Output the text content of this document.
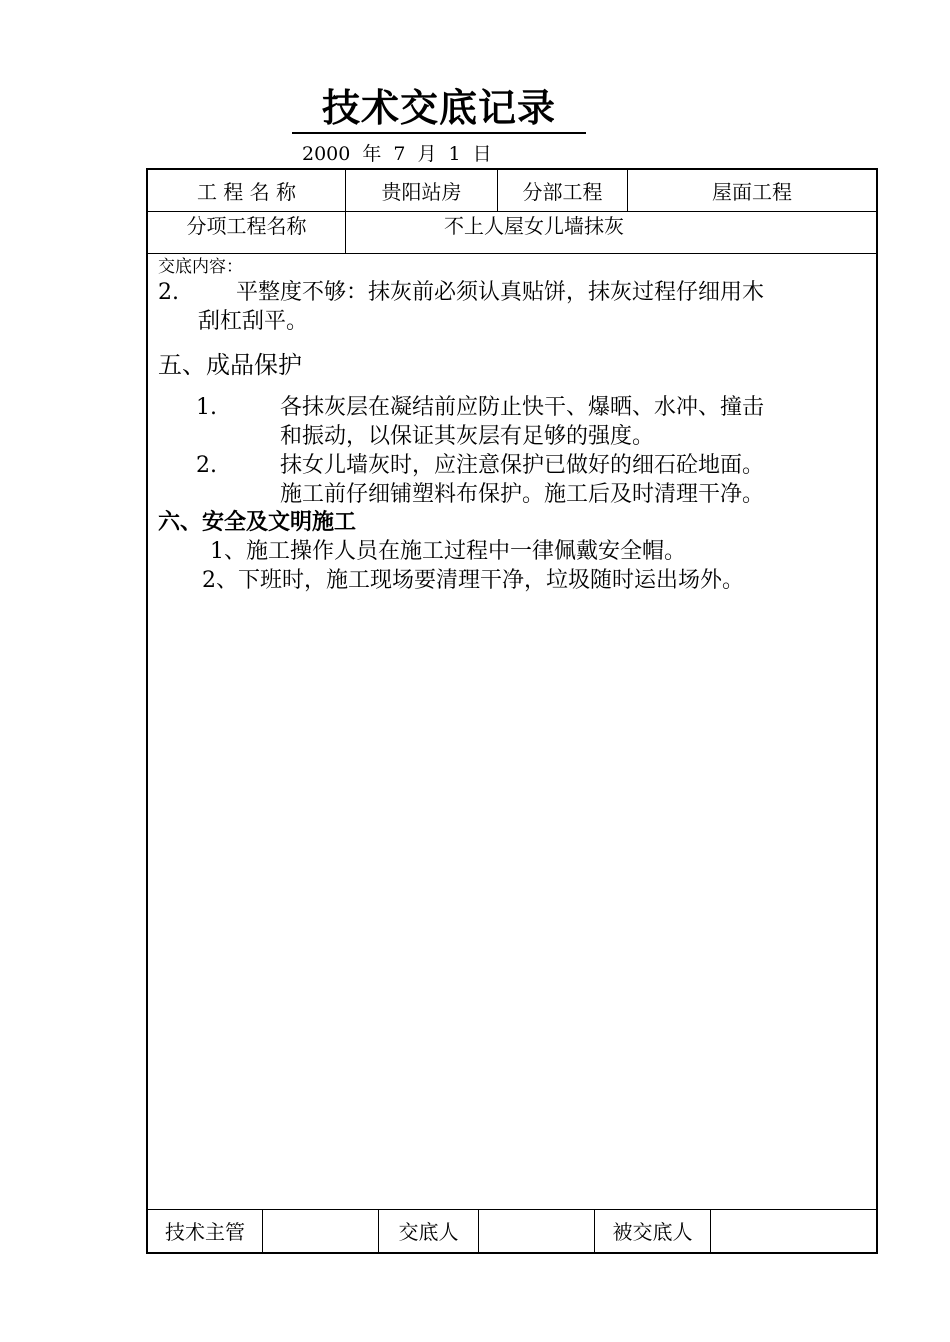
技术交底记录
2000 年 7 月 1 日
工 程 名 称	贵阳站房	分部工程	屋面工程
分项工程名称	不上人屋女儿墙抹灰
交底内容：
2.	平整度不够：抹灰前必须认真贴饼，抹灰过程仔细用木
刮杠刮平。
五、成品保护
1.	各抹灰层在凝结前应防止快干、爆晒、水冲、撞击
和振动，以保证其灰层有足够的强度。
2.	抹女儿墙灰时，应注意保护已做好的细石砼地面。
施工前仔细铺塑料布保护。施工后及时清理干净。
六、安全及文明施工
1、施工操作人员在施工过程中一律佩戴安全帽。
2、下班时，施工现场要清理干净，垃圾随时运出场外。
技术主管	交底人	被交底人
